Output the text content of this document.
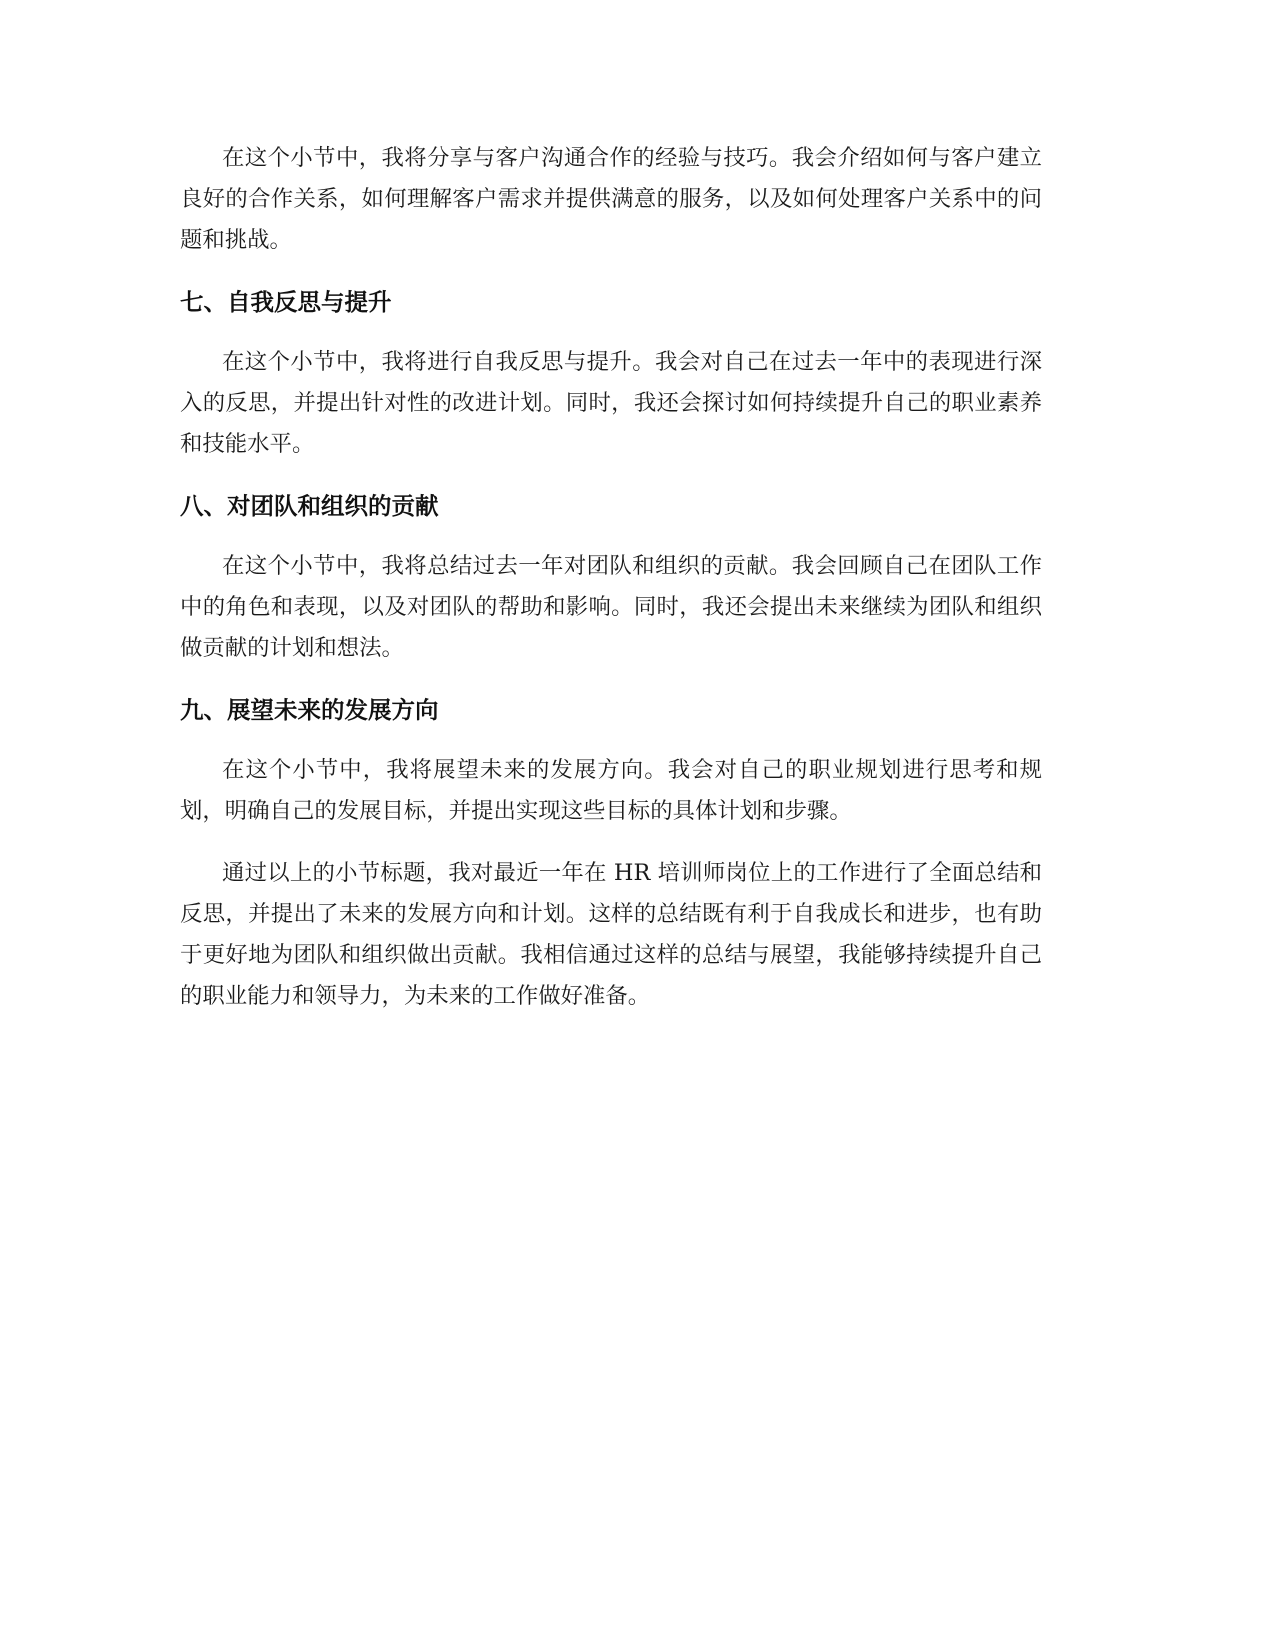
在这个小节中，我将分享与客户沟通合作的经验与技巧。我会介绍如何与客户建立良好的合作关系，如何理解客户需求并提供满意的服务，以及如何处理客户关系中的问题和挑战。

七、自我反思与提升

在这个小节中，我将进行自我反思与提升。我会对自己在过去一年中的表现进行深入的反思，并提出针对性的改进计划。同时，我还会探讨如何持续提升自己的职业素养和技能水平。

八、对团队和组织的贡献

在这个小节中，我将总结过去一年对团队和组织的贡献。我会回顾自己在团队工作中的角色和表现，以及对团队的帮助和影响。同时，我还会提出未来继续为团队和组织做贡献的计划和想法。

九、展望未来的发展方向

在这个小节中，我将展望未来的发展方向。我会对自己的职业规划进行思考和规划，明确自己的发展目标，并提出实现这些目标的具体计划和步骤。

通过以上的小节标题，我对最近一年在 HR 培训师岗位上的工作进行了全面总结和反思，并提出了未来的发展方向和计划。这样的总结既有利于自我成长和进步，也有助于更好地为团队和组织做出贡献。我相信通过这样的总结与展望，我能够持续提升自己的职业能力和领导力，为未来的工作做好准备。
